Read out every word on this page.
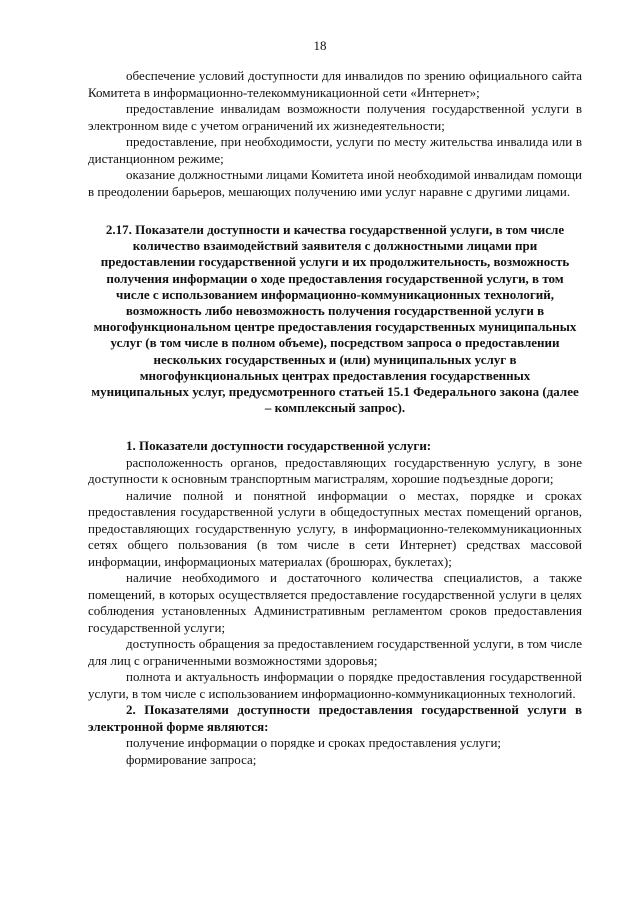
18

обеспечение условий доступности для инвалидов по зрению официального сайта Комитета в информационно-телекоммуникационной сети «Интернет»;

предоставление инвалидам возможности получения государственной услуги в электронном виде с учетом ограничений их жизнедеятельности;

предоставление, при необходимости, услуги по месту жительства инвалида или в дистанционном режиме;

оказание должностными лицами Комитета иной необходимой инвалидам помощи в преодолении барьеров, мешающих получению ими услуг наравне с другими лицами.

2.17. Показатели доступности и качества государственной услуги, в том числе количество взаимодействий заявителя с должностными лицами при предоставлении государственной услуги и их продолжительность, возможность получения информации о ходе предоставления государственной услуги, в том числе с использованием информационно-коммуникационных технологий, возможность либо невозможность получения государственной услуги в многофункциональном центре предоставления государственных муниципальных услуг (в том числе в полном объеме), посредством запроса о предоставлении нескольких государственных и (или) муниципальных услуг в многофункциональных центрах предоставления государственных муниципальных услуг, предусмотренного статьей 15.1 Федерального закона (далее – комплексный запрос).

1. Показатели доступности государственной услуги:

расположенность органов, предоставляющих государственную услугу, в зоне доступности к основным транспортным магистралям, хорошие подъездные дороги;

наличие полной и понятной информации о местах, порядке и сроках предоставления государственной услуги в общедоступных местах помещений органов, предоставляющих государственную услугу, в информационно-телекоммуникационных сетях общего пользования (в том числе в сети Интернет) средствах массовой информации, информационых материалах (брошюрах, буклетах);

наличие необходимого и достаточного количества специалистов, а также помещений, в которых осуществляется предоставление государственной услуги в целях соблюдения установленных Административным регламентом сроков предоставления государственной услуги;

доступность обращения за предоставлением государственной услуги, в том числе для лиц с ограниченными возможностями здоровья;

полнота и актуальность информации о порядке предоставления государственной услуги, в том числе с использованием информационно-коммуникационных технологий.

2. Показателями доступности предоставления государственной услуги в электронной форме являются:

получение информации о порядке и сроках предоставления услуги;

формирование запроса;
